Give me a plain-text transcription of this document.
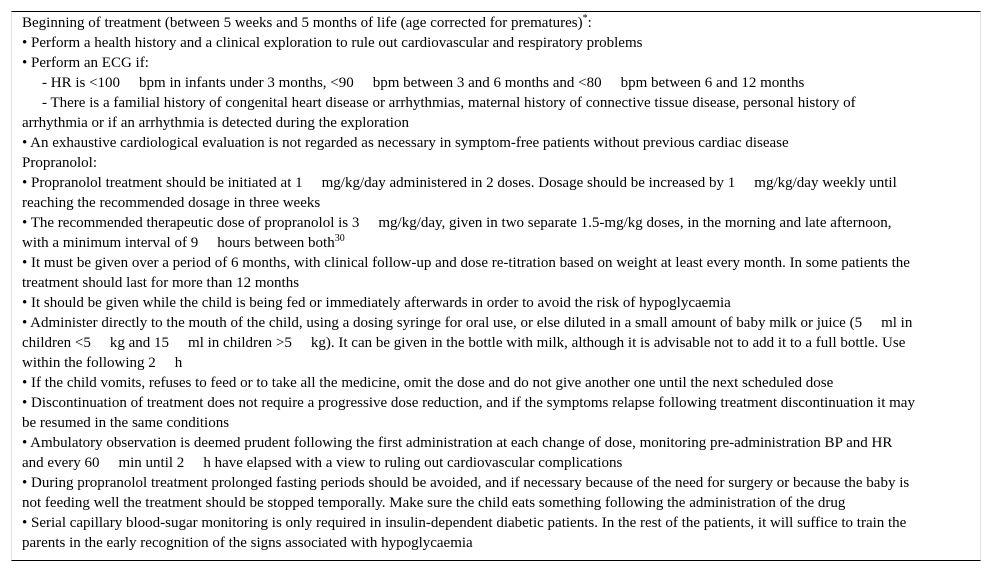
Beginning of treatment (between 5 weeks and 5 months of life (age corrected for prematures)*:

• Perform a health history and a clinical exploration to rule out cardiovascular and respiratory problems

• Perform an ECG if:

- HR is <100 bpm in infants under 3 months, <90 bpm between 3 and 6 months and <80 bpm between 6 and 12 months

- There is a familial history of congenital heart disease or arrhythmias, maternal history of connective tissue disease, personal history of

arrhythmia or if an arrhythmia is detected during the exploration

• An exhaustive cardiological evaluation is not regarded as necessary in symptom-free patients without previous cardiac disease

Propranolol:

• Propranolol treatment should be initiated at 1 mg/kg/day administered in 2 doses. Dosage should be increased by 1 mg/kg/day weekly until

reaching the recommended dosage in three weeks

• The recommended therapeutic dose of propranolol is 3 mg/kg/day, given in two separate 1.5-mg/kg doses, in the morning and late afternoon,

with a minimum interval of 9 hours between both$^{30}$

• It must be given over a period of 6 months, with clinical follow-up and dose re-titration based on weight at least every month. In some patients the

treatment should last for more than 12 months

• It should be given while the child is being fed or immediately afterwards in order to avoid the risk of hypoglycaemia

• Administer directly to the mouth of the child, using a dosing syringe for oral use, or else diluted in a small amount of baby milk or juice (5 ml in

children <5 kg and 15 ml in children >5 kg). It can be given in the bottle with milk, although it is advisable not to add it to a full bottle. Use

within the following 2 h

• If the child vomits, refuses to feed or to take all the medicine, omit the dose and do not give another one until the next scheduled dose

• Discontinuation of treatment does not require a progressive dose reduction, and if the symptoms relapse following treatment discontinuation it may

be resumed in the same conditions

• Ambulatory observation is deemed prudent following the first administration at each change of dose, monitoring pre-administration BP and HR

and every 60 min until 2 h have elapsed with a view to ruling out cardiovascular complications

• During propranolol treatment prolonged fasting periods should be avoided, and if necessary because of the need for surgery or because the baby is

not feeding well the treatment should be stopped temporally. Make sure the child eats something following the administration of the drug

• Serial capillary blood-sugar monitoring is only required in insulin-dependent diabetic patients. In the rest of the patients, it will suffice to train the

parents in the early recognition of the signs associated with hypoglycaemia
